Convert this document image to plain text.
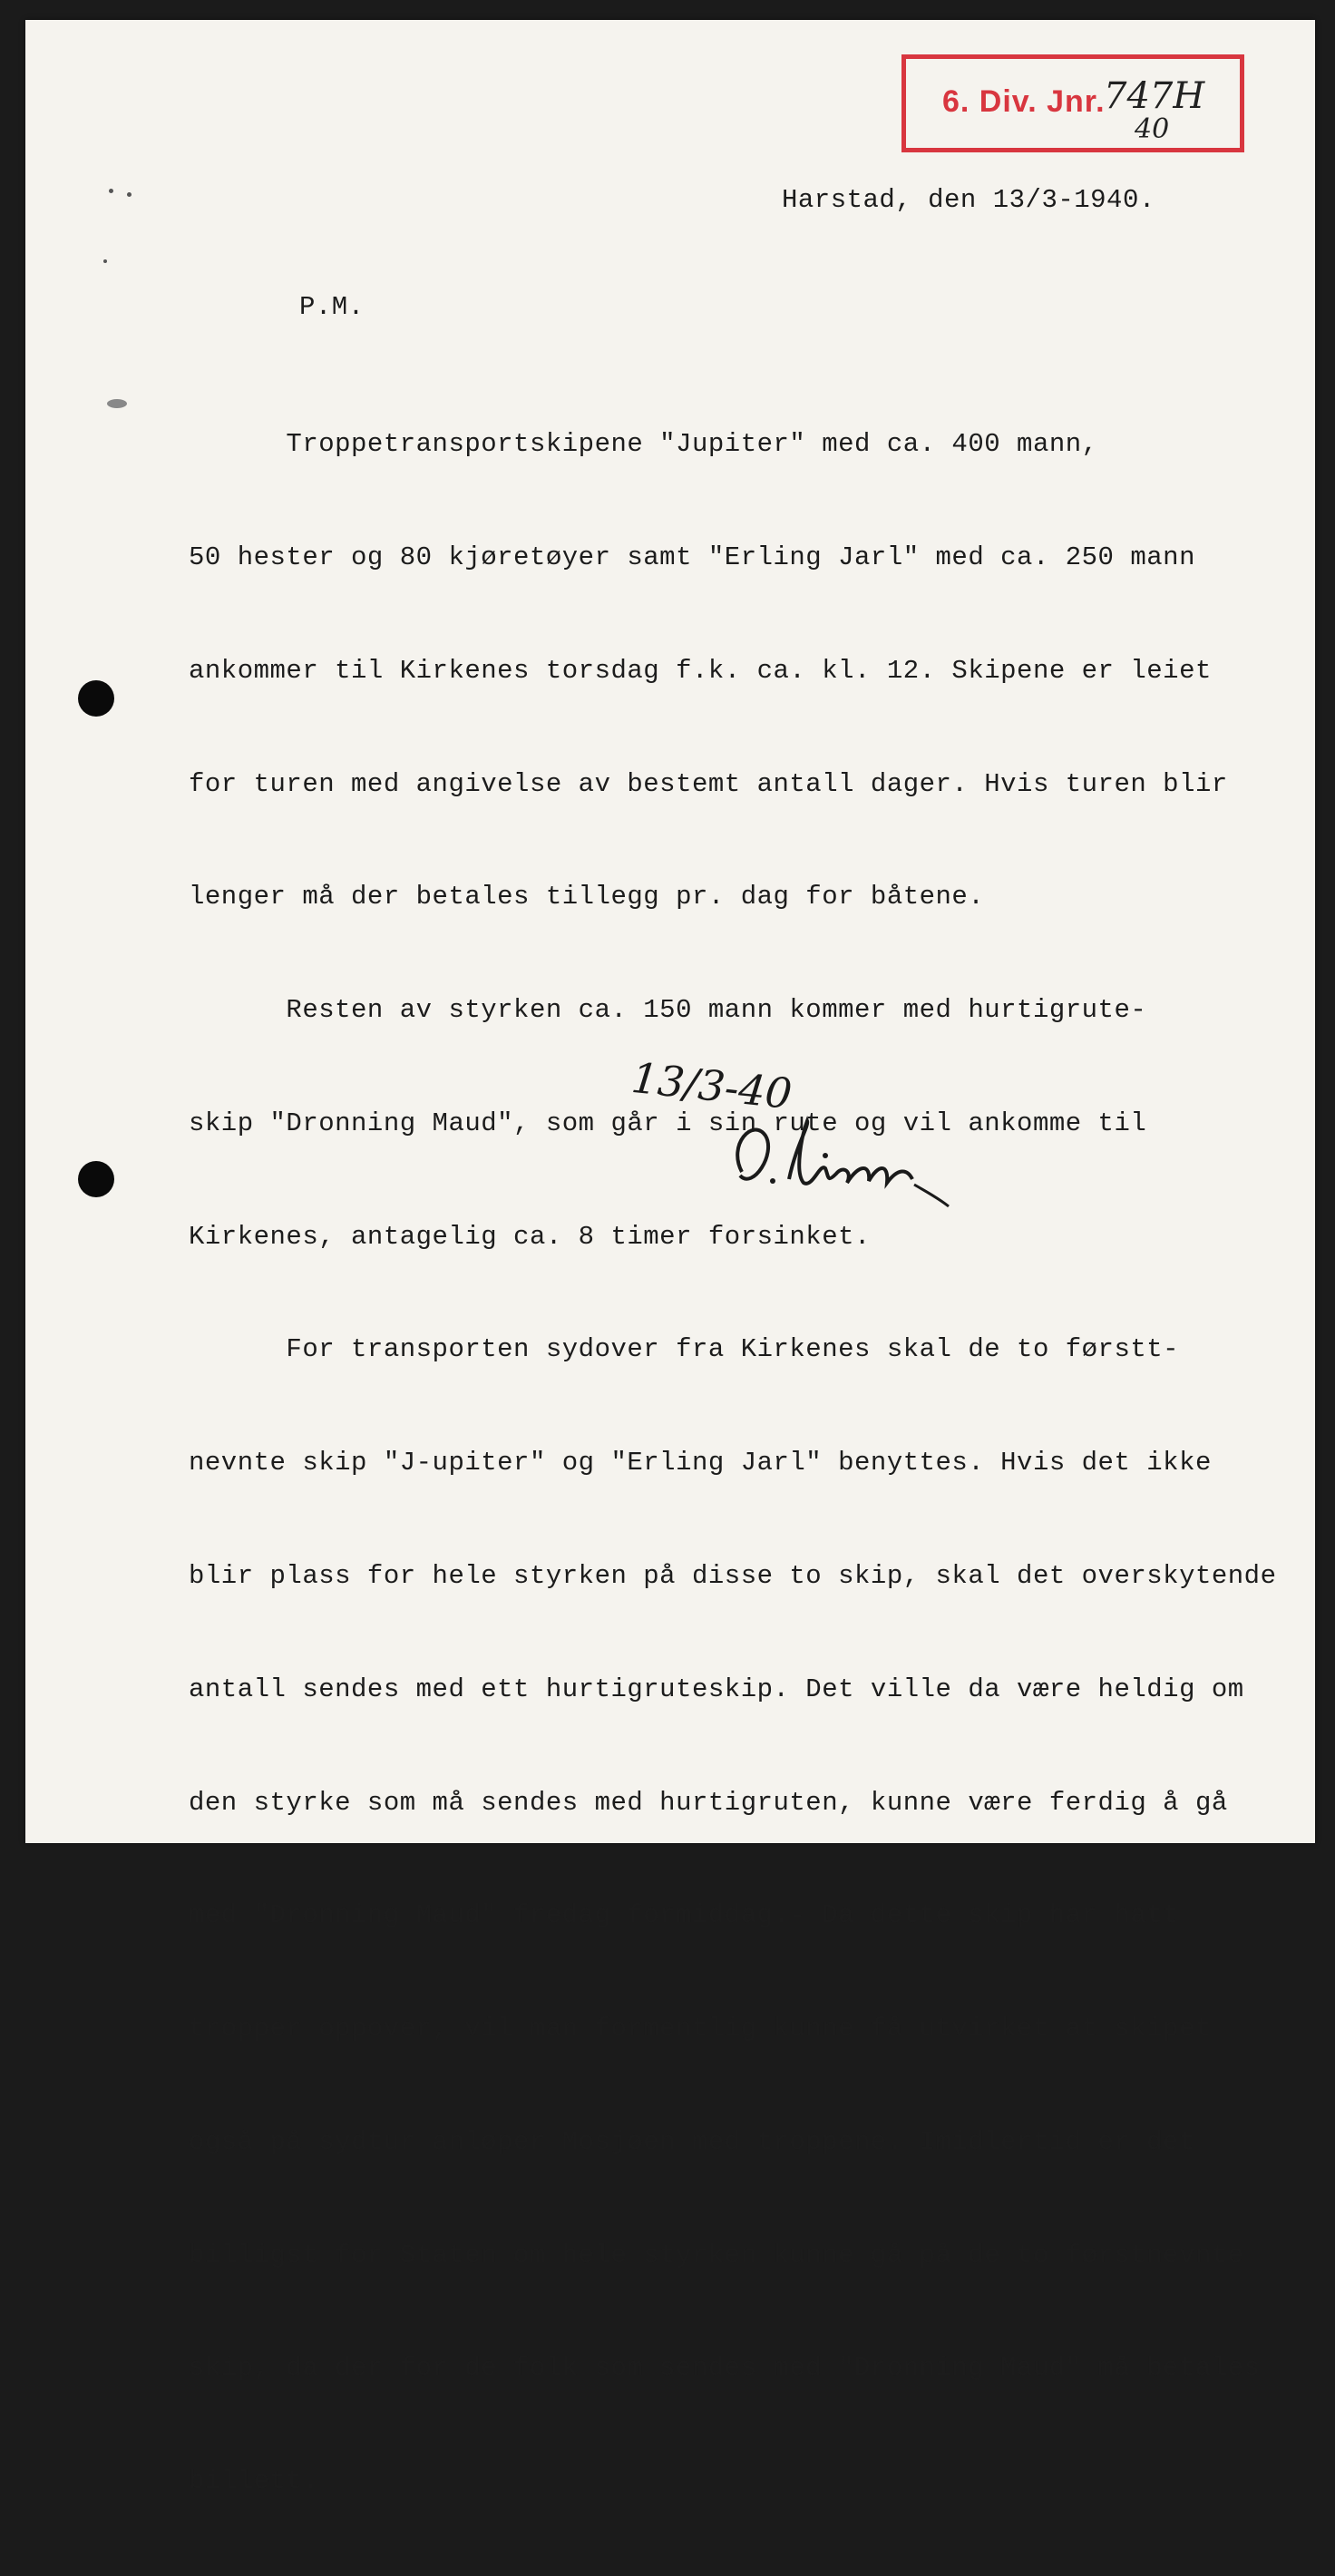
6. Div. Jnr.
747H
40
Harstad, den 13/3-1940.
P.M.

Troppetransportskipene "Jupiter" med ca. 400 mann,

50 hester og 80 kjøretøyer samt "Erling Jarl" med ca. 250 mann

ankommer til Kirkenes torsdag f.k. ca. kl. 12. Skipene er leiet

for turen med angivelse av bestemt antall dager. Hvis turen blir

lenger må der betales tillegg pr. dag for båtene.

Resten av styrken ca. 150 mann kommer med hurtigrute-

skip "Dronning Maud", som går i sin rute og vil ankomme til

Kirkenes, antagelig ca. 8 timer forsinket.

For transporten sydover fra Kirkenes skal de to førstt-

nevnte skip "J-upiter" og "Erling Jarl" benyttes. Hvis det ikke

blir plass for hele styrken på disse to skip, skal det overskytende

antall sendes med ett hurtigruteskip. Det ville da være heldig om

den styrke som må sendes med hurtigruten, kunne være ferdig å gå

med "Dronning Maud" fredag formiddag.- Da dette skip har hatt

tropper oppover, vil man formentlig kunne få utvirket at skipet

også på sydtur anløper Mosjøen med troppene. Imidlertid er det

billigst for Staten om hele styrken kunne gå på de to førstnevnte

skip, da der for de folk som sendes med "Dronning Maud" må betales

billett.

13/3-40
